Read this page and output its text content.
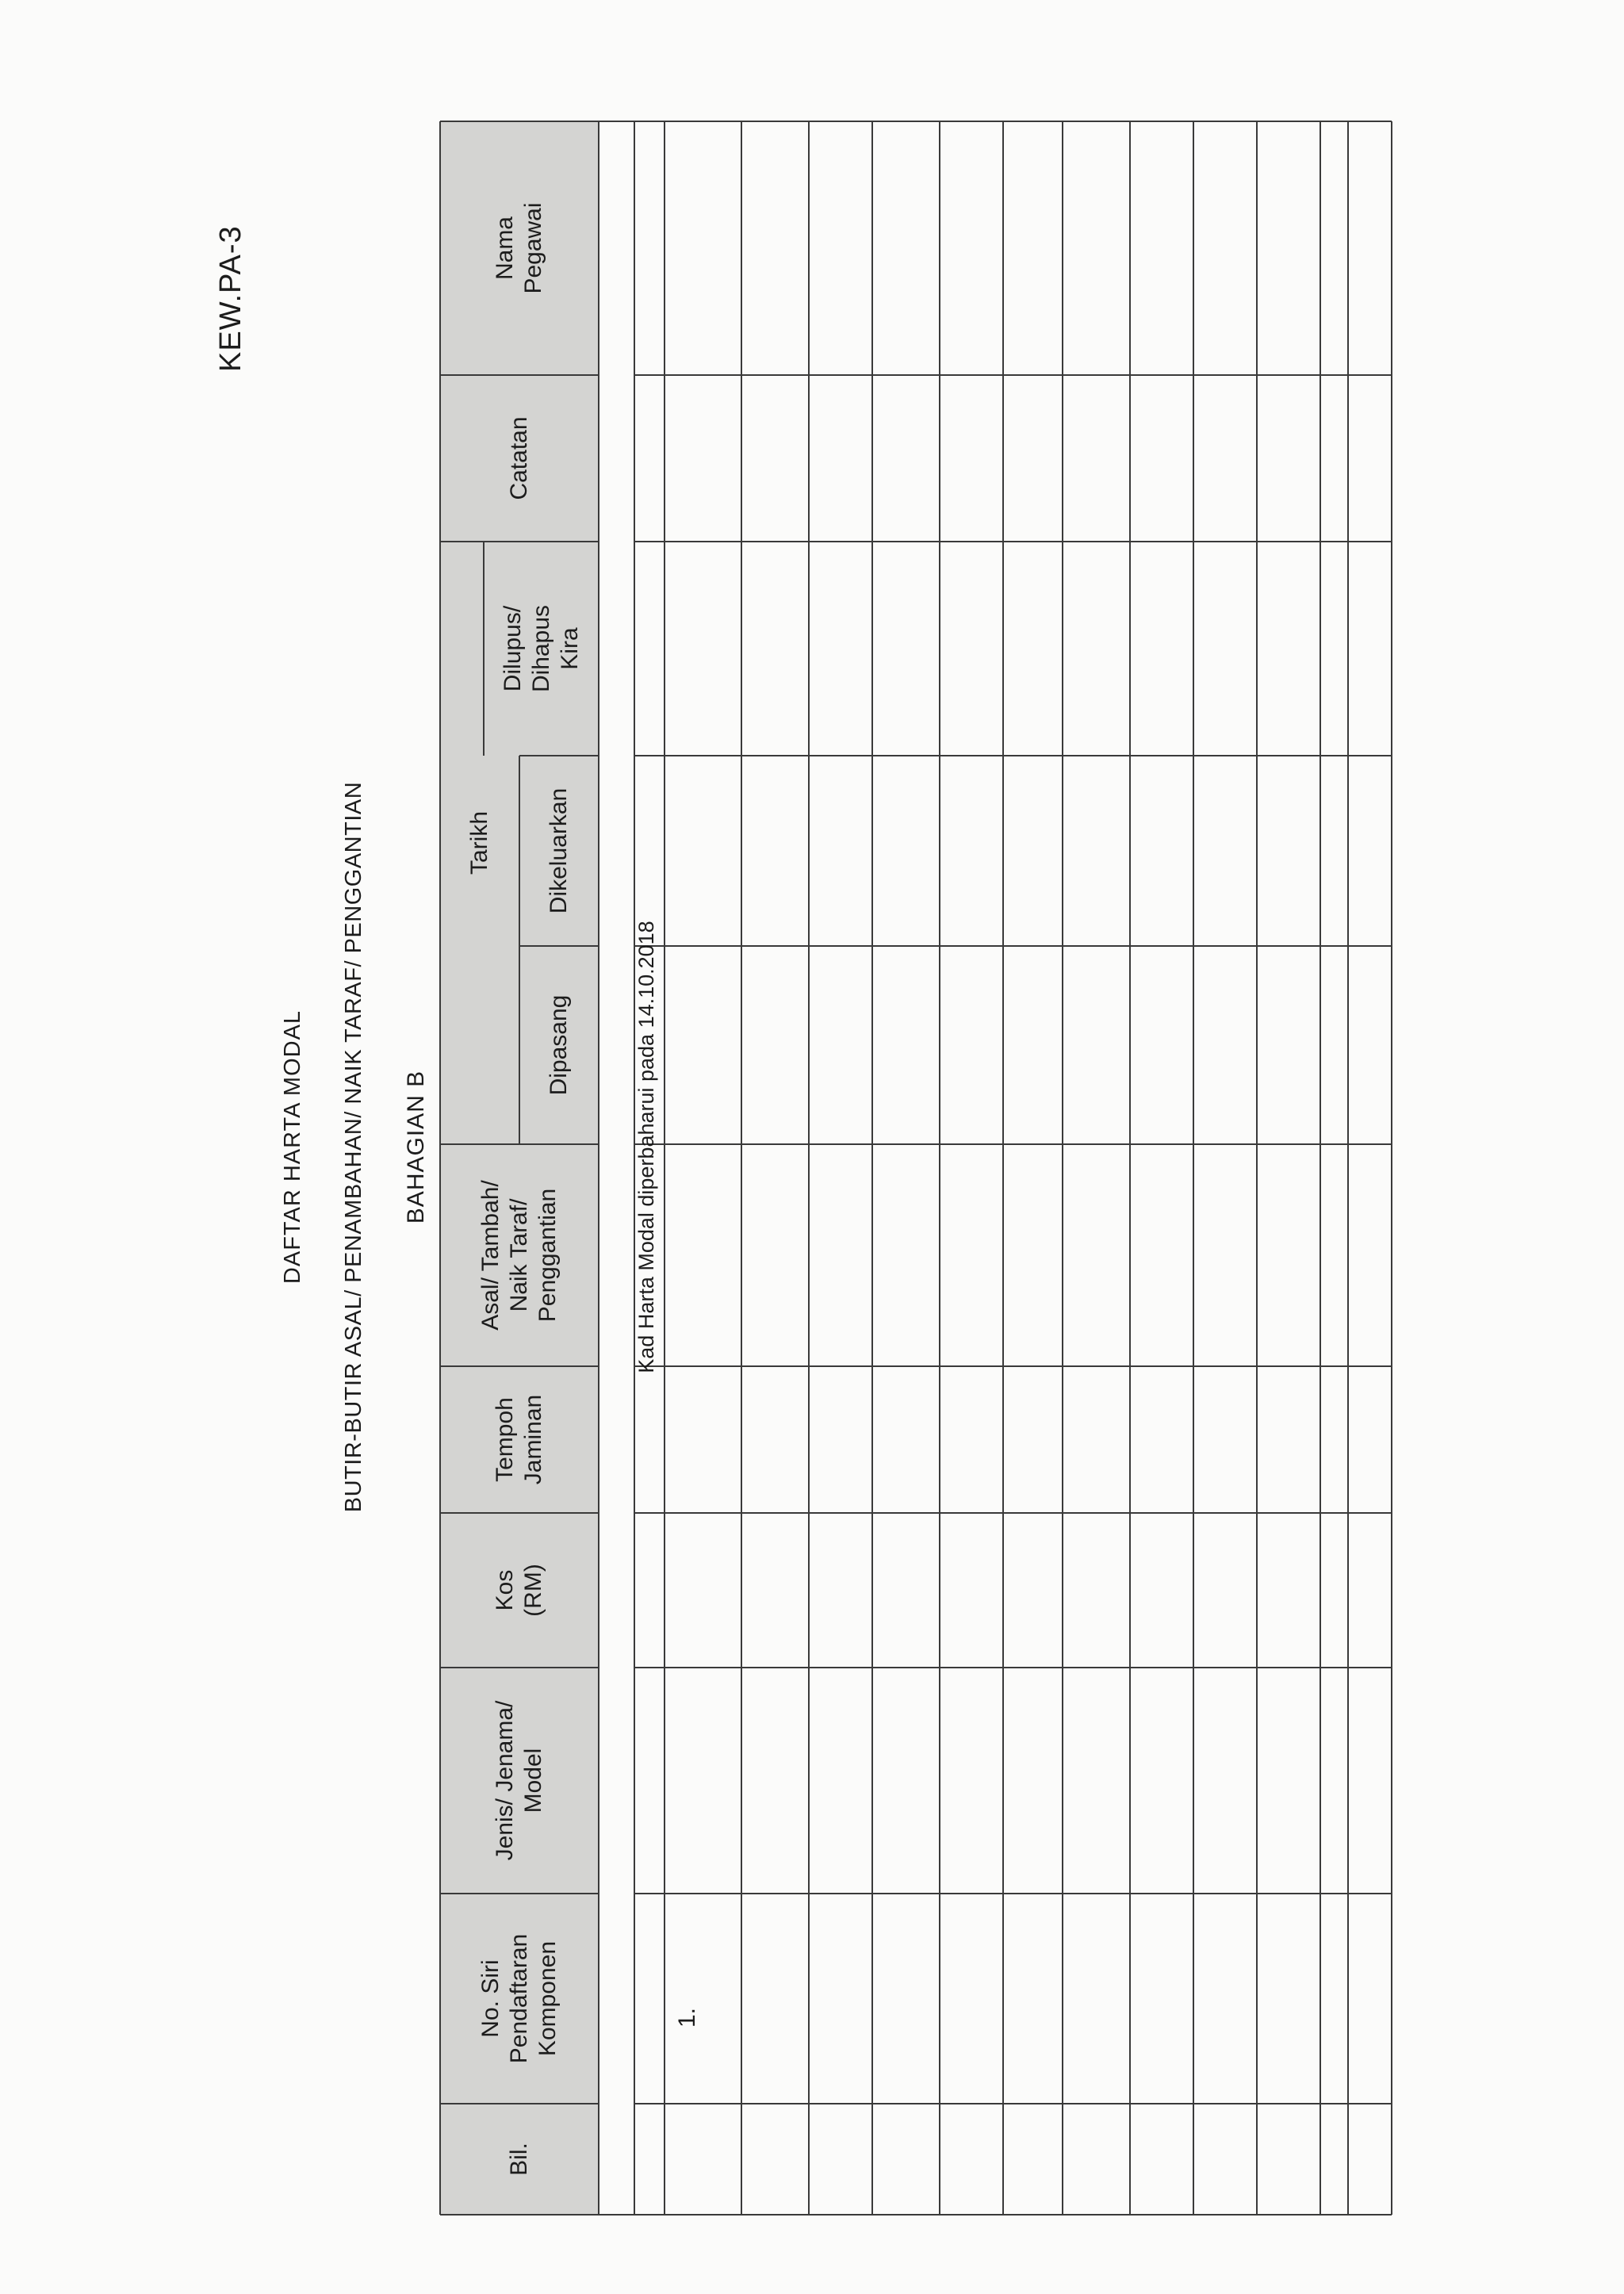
KEW.PA-3
DAFTAR HARTA MODAL BUTIR-BUTIR ASAL/ PENAMBAHAN/ NAIK TARAF/ PENGGANTIAN BAHAGIAN B
Bil.
No. Siri
Pendaftaran
Komponen
Jenis/ Jenama/
Model
Kos
(RM)
Tempoh
Jaminan
Asal/ Tambah/
Naik Taraf/
Penggantian
Tarikh
Dipasang
Dikeluarkan
Dilupus/
Dihapus
Kira
Catatan
Nama
Pegawai
Kad Harta Modal diperbaharui pada 14.10.2018
1.
